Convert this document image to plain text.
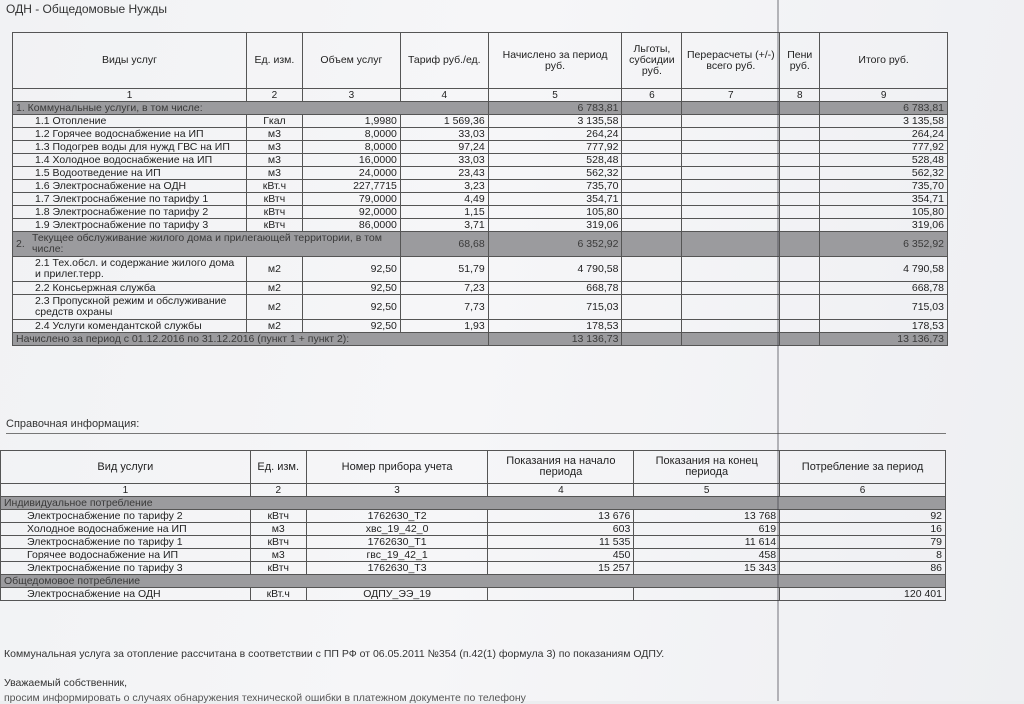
ОДН - Общедомовые Нужды
Виды услуг	Ед. изм.	Объем услуг	Тариф руб./ед.	Начислено за период руб.	Льготы, субсидии руб.	Перерасчеты (+/-) всего руб.	Пени руб.	Итого руб.
1	2	3	4	5	6	7	8	9
1. Коммунальные услуги, в том числе:				6 783,81				6 783,81
1.1 Отопление	Гкал	1,9980	1 569,36	3 135,58				3 135,58
1.2 Горячее водоснабжение на ИП	м3	8,0000	33,03	264,24				264,24
1.3 Подогрев воды для нужд ГВС на ИП	м3	8,0000	97,24	777,92				777,92
1.4 Холодное водоснабжение на ИП	м3	16,0000	33,03	528,48				528,48
1.5 Водоотведение на ИП	м3	24,0000	23,43	562,32				562,32
1.6 Электроснабжение на ОДН	кВт.ч	227,7715	3,23	735,70				735,70
1.7 Электроснабжение по тарифу 1	кВтч	79,0000	4,49	354,71				354,71
1.8 Электроснабжение по тарифу 2	кВтч	92,0000	1,15	105,80				105,80
1.9 Электроснабжение по тарифу 3	кВтч	86,0000	3,71	319,06				319,06
2. Текущее обслуживание жилого дома и прилегающей территории, в том числе:			68,68	6 352,92				6 352,92
2.1 Тех.обсл. и содержание жилого дома и прилег.терр.	м2	92,50	51,79	4 790,58				4 790,58
2.2 Консьержная служба	м2	92,50	7,23	668,78				668,78
2.3 Пропускной режим и обслуживание средств охраны	м2	92,50	7,73	715,03				715,03
2.4 Услуги комендантской службы	м2	92,50	1,93	178,53				178,53
Начислено за период с 01.12.2016 по 31.12.2016 (пункт 1 + пункт 2):				13 136,73				13 136,73
Справочная информация:
Вид услуги	Ед. изм.	Номер прибора учета	Показания на начало периода	Показания на конец периода	Потребление за период
1	2	3	4	5	6
Индивидуальное потребление					
Электроснабжение по тарифу 2	кВтч	1762630_T2	13 676	13 768	92
Холодное водоснабжение на ИП	м3	хвс_19_42_0	603	619	16
Электроснабжение по тарифу 1	кВтч	1762630_T1	11 535	11 614	79
Горячее водоснабжение на ИП	м3	гвс_19_42_1	450	458	8
Электроснабжение по тарифу 3	кВтч	1762630_T3	15 257	15 343	86
Общедомовое потребление					
Электроснабжение на ОДН	кВт.ч	ОДПУ_ЭЭ_19			120 401
Коммунальная услуга за отопление рассчитана в соответствии с ПП РФ от 06.05.2011 №354 (п.42(1) формула 3) по показаниям ОДПУ.
Уважаемый собственник,
просим информировать о случаях обнаружения технической ошибки в платежном документе по телефону
